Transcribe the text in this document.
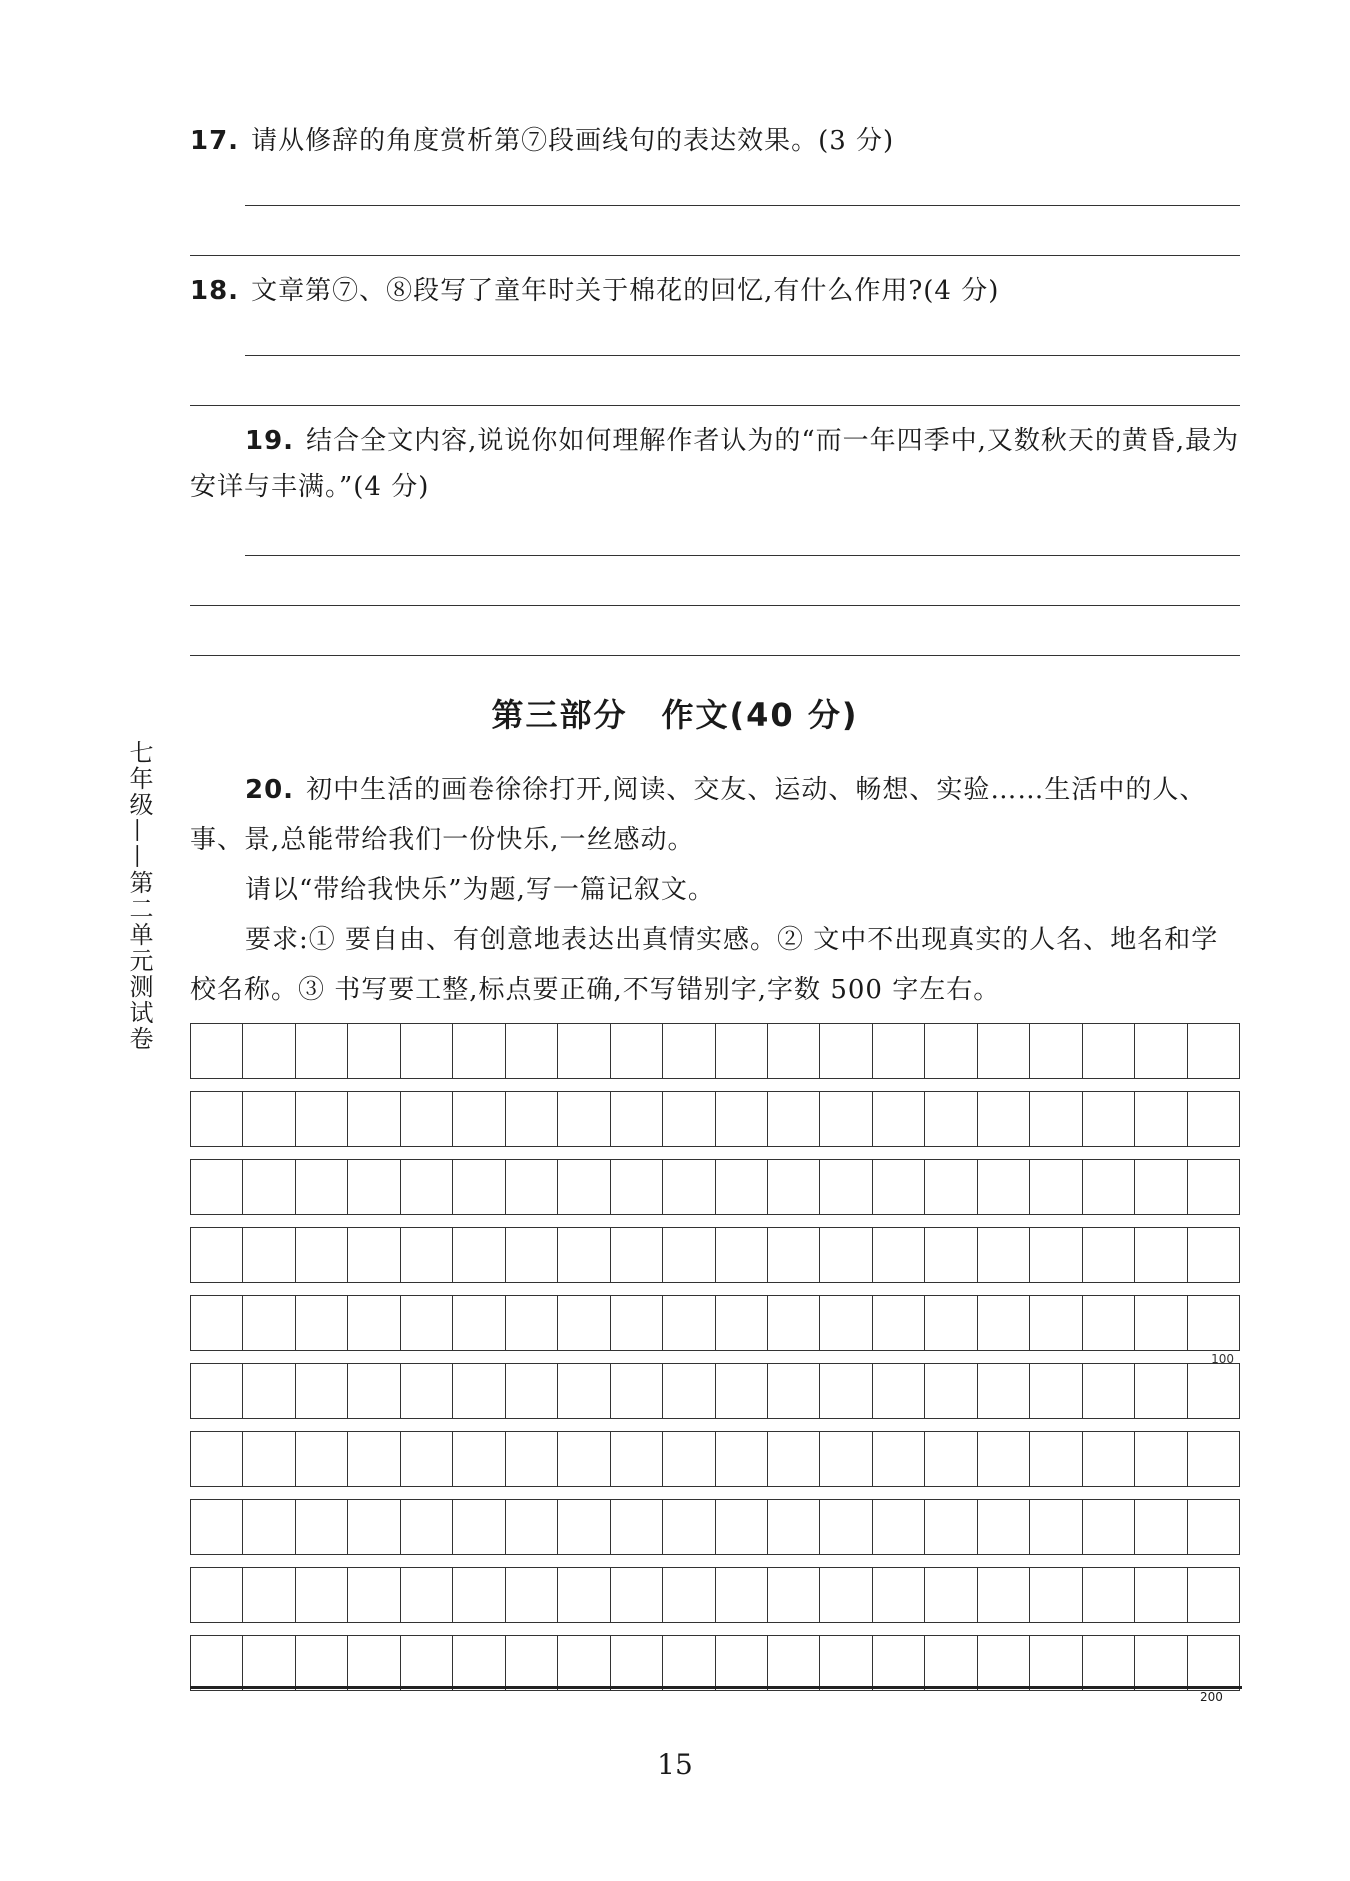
17. 请从修辞的角度赏析第⑦段画线句的表达效果。(3 分)
18. 文章第⑦、⑧段写了童年时关于棉花的回忆,有什么作用?(4 分)
19. 结合全文内容,说说你如何理解作者认为的“而一年四季中,又数秋天的黄昏,最为安详与丰满。”(4 分)
第三部分　作文(40 分)
20. 初中生活的画卷徐徐打开,阅读、交友、运动、畅想、实验……生活中的人、事、景,总能带给我们一份快乐,一丝感动。
请以“带给我快乐”为题,写一篇记叙文。
要求:① 要自由、有创意地表达出真情实感。② 文中不出现真实的人名、地名和学校名称。③ 书写要工整,标点要正确,不写错别字,字数 500 字左右。
七年级——第二单元测试卷
100
200
15
